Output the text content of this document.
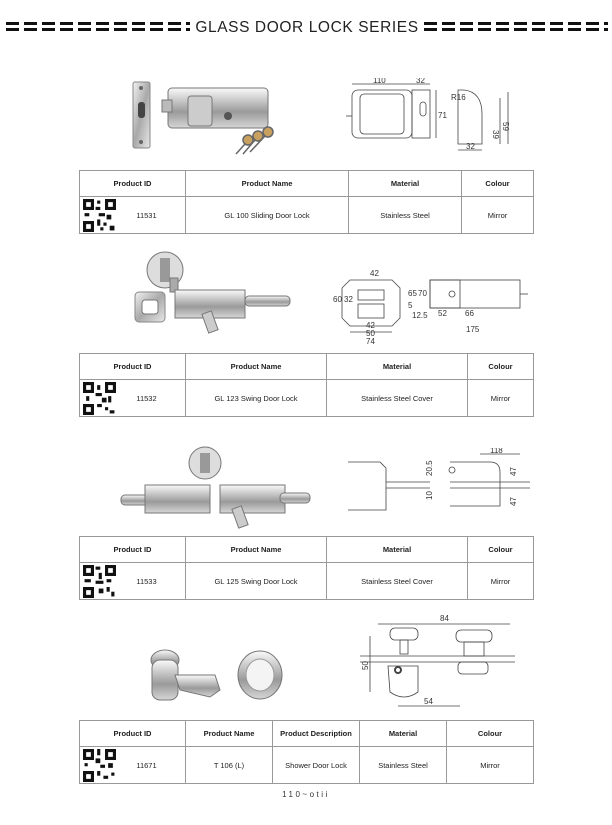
GLASS DOOR LOCK SERIES
110	32
71
R16
39
59
32
Product ID	Product Name	Material	Colour

11531	GL 100 Sliding Door Lock	Stainless Steel	Mirror
42
65
60 32
70
5
12.5 52 66
42
50
74
175
Product ID	Product Name	Material	Colour

11532	GL 123 Swing Door Lock	Stainless Steel Cover	Mirror
118
20.5	47
10
47
Product ID	Product Name	Material	Colour

11533	GL 125 Swing Door Lock	Stainless Steel Cover	Mirror
84
50
54
Product ID	Product Name	Product Description	Material	Colour

11671	T 106 (L)	Shower Door Lock	Stainless Steel	Mirror
110~otii
